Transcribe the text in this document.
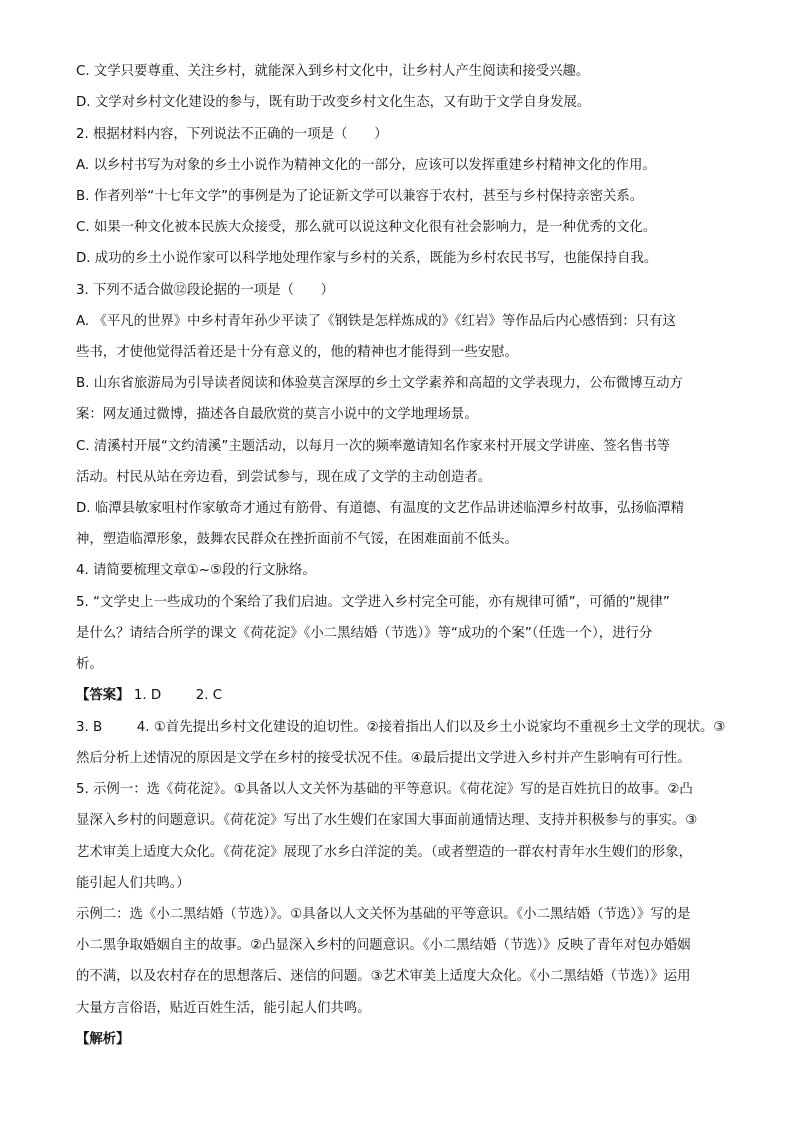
C. 文学只要尊重、关注乡村，就能深入到乡村文化中，让乡村人产生阅读和接受兴趣。
D. 文学对乡村文化建设的参与，既有助于改变乡村文化生态，又有助于文学自身发展。
2. 根据材料内容，下列说法不正确的一项是（　　）
A. 以乡村书写为对象的乡土小说作为精神文化的一部分，应该可以发挥重建乡村精神文化的作用。
B. 作者列举“十七年文学”的事例是为了论证新文学可以兼容于农村，甚至与乡村保持亲密关系。
C. 如果一种文化被本民族大众接受，那么就可以说这种文化很有社会影响力，是一种优秀的文化。
D. 成功的乡土小说作家可以科学地处理作家与乡村的关系，既能为乡村农民书写，也能保持自我。
3. 下列不适合做⑫段论据的一项是（　　）
A. 《平凡的世界》中乡村青年孙少平读了《钢铁是怎样炼成的》《红岩》等作品后内心感悟到：只有这
些书，才使他觉得活着还是十分有意义的，他的精神也才能得到一些安慰。
B. 山东省旅游局为引导读者阅读和体验莫言深厚的乡土文学素养和高超的文学表现力，公布微博互动方
案：网友通过微博，描述各自最欣赏的莫言小说中的文学地理场景。
C. 清溪村开展“文约清溪”主题活动，以每月一次的频率邀请知名作家来村开展文学讲座、签名售书等
活动。村民从站在旁边看，到尝试参与，现在成了文学的主动创造者。
D. 临潭县敏家咀村作家敏奇才通过有筋骨、有道德、有温度的文艺作品讲述临潭乡村故事，弘扬临潭精
神，塑造临潭形象，鼓舞农民群众在挫折面前不气馁，在困难面前不低头。
4. 请简要梳理文章①~⑤段的行文脉络。
5. “文学史上一些成功的个案给了我们启迪。文学进入乡村完全可能，亦有规律可循”，可循的“规律”
是什么？请结合所学的课文《荷花淀》《小二黑结婚（节选）》等“成功的个案”（任选一个），进行分
析。
【答案】 1. D	2. C
3. B	4. ①首先提出乡村文化建设的迫切性。②接着指出人们以及乡土小说家均不重视乡土文学的现状。③
然后分析上述情况的原因是文学在乡村的接受状况不佳。④最后提出文学进入乡村并产生影响有可行性。
5. 示例一：选《荷花淀》。①具备以人文关怀为基础的平等意识。《荷花淀》写的是百姓抗日的故事。②凸
显深入乡村的问题意识。《荷花淀》写出了水生嫂们在家国大事面前通情达理、支持并积极参与的事实。③
艺术审美上适度大众化。《荷花淀》展现了水乡白洋淀的美。（或者塑造的一群农村青年水生嫂们的形象，
能引起人们共鸣。）
示例二：选《小二黑结婚（节选）》。①具备以人文关怀为基础的平等意识。《小二黑结婚（节选）》写的是
小二黑争取婚姻自主的故事。②凸显深入乡村的问题意识。《小二黑结婚（节选）》反映了青年对包办婚姻
的不满，以及农村存在的思想落后、迷信的问题。③艺术审美上适度大众化。《小二黑结婚（节选）》运用
大量方言俗语，贴近百姓生活，能引起人们共鸣。
【解析】
